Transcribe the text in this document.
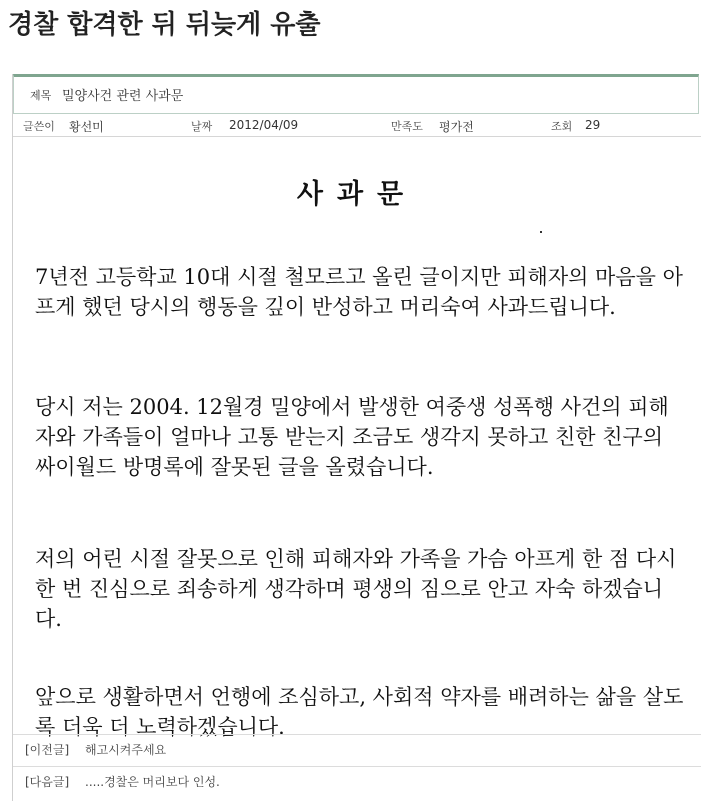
경찰 합격한 뒤 뒤늦게 유출
제목 밀양사건 관련 사과문
글쓴이 황선미	날짜 2012/04/09	만족도 평가전	조회 29
사과문

7년전 고등학교 10대 시절 철모르고 올린 글이지만 피해자의 마음을 아프게 했던 당시의 행동을 깊이 반성하고 머리숙여 사과드립니다.

당시 저는 2004. 12월경 밀양에서 발생한 여중생 성폭행 사건의 피해자와 가족들이 얼마나 고통 받는지 조금도 생각지 못하고 친한 친구의 싸이월드 방명록에 잘못된 글을 올렸습니다.

저의 어린 시절 잘못으로 인해 피해자와 가족을 가슴 아프게 한 점 다시 한 번 진심으로 죄송하게 생각하며 평생의 짐으로 안고 자숙 하겠습니다.

앞으로 생활하면서 언행에 조심하고, 사회적 약자를 배려하는 삶을 살도록 더욱 더 노력하겠습니다.

[이전글] 해고시켜주세요
[다음글] .....경찰은 머리보다 인성.
